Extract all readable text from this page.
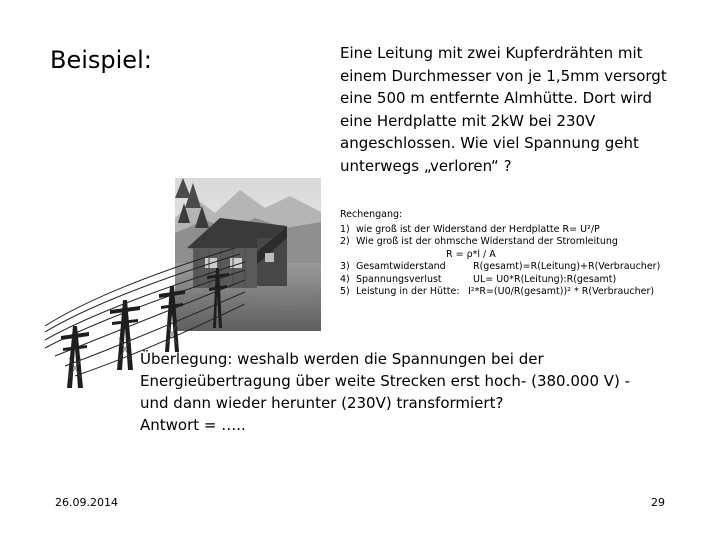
Beispiel:	Eine Leitung mit zwei Kupferdrähten mit
einem Durchmesser von je 1,5mm versorgt
eine 500 m entfernte Almhütte. Dort wird
eine Herdplatte mit 2kW bei 230V
angeschlossen. Wie viel Spannung geht
unterwegs „verloren“ ?
Rechengang:
1) wie groß ist der Widerstand der Herdplatte R= U²/P
2) Wie groß ist der ohmsche Widerstand der Stromleitung
R = ρ*l / A
3) Gesamtwiderstand	R(gesamt)=R(Leitung)+R(Verbraucher)
4) Spannungsverlust	UL= U0*R(Leitung):R(gesamt)
5) Leistung in der Hütte: I²*R=(U0/R(gesamt))² * R(Verbraucher)
Überlegung: weshalb werden die Spannungen bei der
Energieübertragung über weite Strecken erst hoch- (380.000 V) -
und dann wieder herunter (230V) transformiert?
Antwort = …..
26.09.2014	29
